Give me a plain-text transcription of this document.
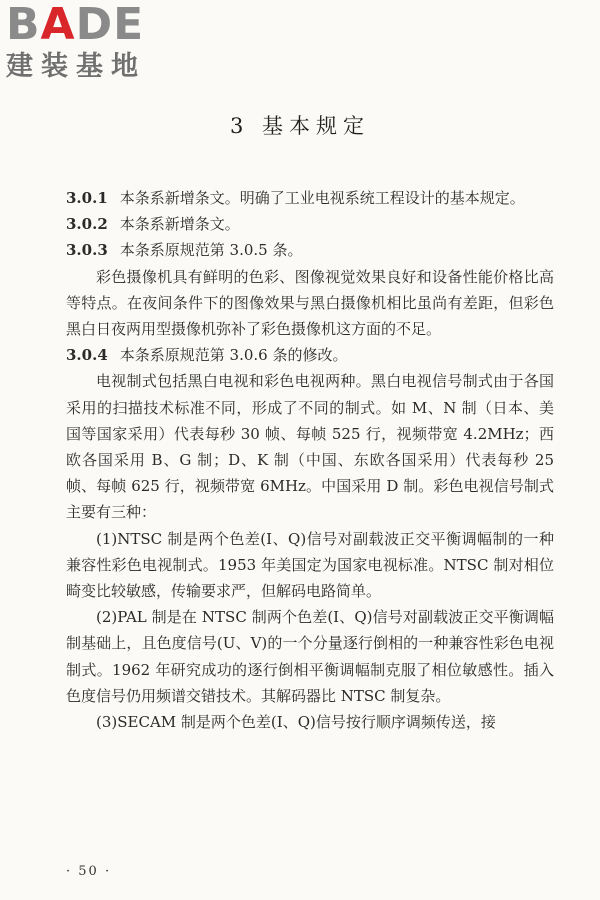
BADE
建装基地
3 基本规定

3.0.1 本条系新增条文。明确了工业电视系统工程设计的基本规定。

3.0.2 本条系新增条文。

3.0.3 本条系原规范第 3.0.5 条。

彩色摄像机具有鲜明的色彩、图像视觉效果良好和设备性能价格比高等特点。在夜间条件下的图像效果与黑白摄像机相比虽尚有差距，但彩色黑白日夜两用型摄像机弥补了彩色摄像机这方面的不足。

3.0.4 本条系原规范第 3.0.6 条的修改。

电视制式包括黑白电视和彩色电视两种。黑白电视信号制式由于各国采用的扫描技术标准不同，形成了不同的制式。如 M、N 制（日本、美国等国家采用）代表每秒 30 帧、每帧 525 行，视频带宽 4.2MHz；西欧各国采用 B、G 制；D、K 制（中国、东欧各国采用）代表每秒 25 帧、每帧 625 行，视频带宽 6MHz。中国采用 D 制。彩色电视信号制式主要有三种：

(1)NTSC 制是两个色差(I、Q)信号对副载波正交平衡调幅制的一种兼容性彩色电视制式。1953 年美国定为国家电视标准。NTSC 制对相位畸变比较敏感，传输要求严，但解码电路简单。

(2)PAL 制是在 NTSC 制两个色差(I、Q)信号对副载波正交平衡调幅制基础上，且色度信号(U、V)的一个分量逐行倒相的一种兼容性彩色电视制式。1962 年研究成功的逐行倒相平衡调幅制克服了相位敏感性。插入色度信号仍用频谱交错技术。其解码器比 NTSC 制复杂。

(3)SECAM 制是两个色差(I、Q)信号按行顺序调频传送，接

· 50 ·
